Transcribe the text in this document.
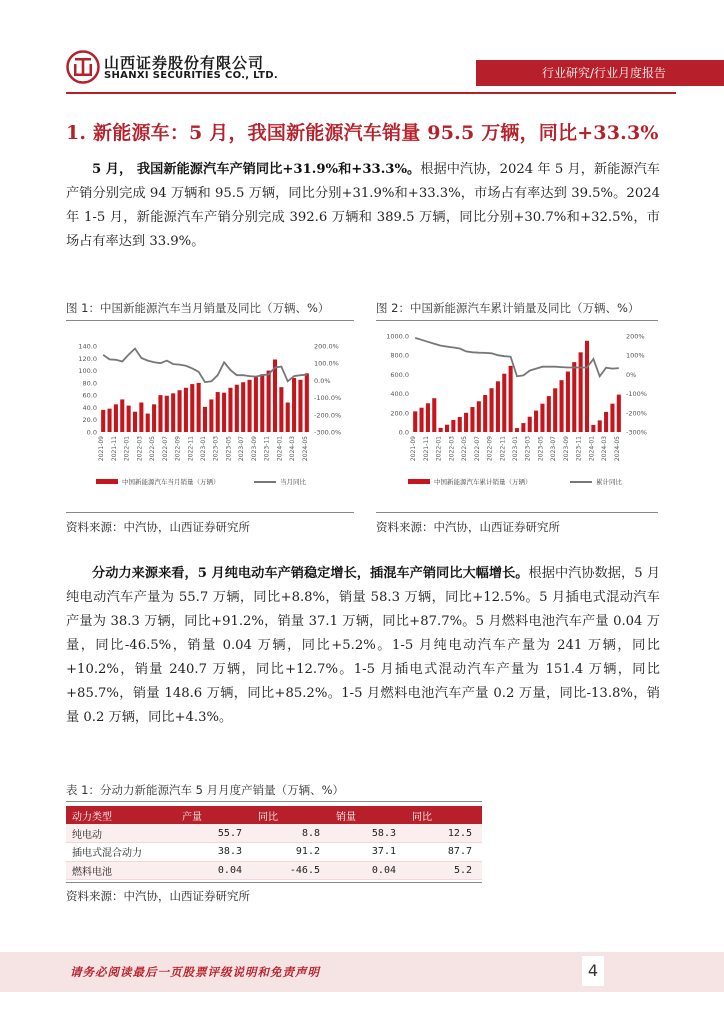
山西证券股份有限公司
SHANXI SECURITIES CO., LTD.	行业研究/行业月度报告
1. 新能源车：5 月，我国新能源汽车销量 95.5 万辆，同比+33.3%
5 月， 我国新能源汽车产销同比+31.9%和+33.3%。根据中汽协，2024 年 5 月，新能源汽车产销分别完成 94 万辆和 95.5 万辆，同比分别+31.9%和+33.3%，市场占有率达到 39.5%。2024 年 1-5 月，新能源汽车产销分别完成 392.6 万辆和 389.5 万辆，同比分别+30.7%和+32.5%，市场占有率达到 33.9%。
图 1：中国新能源汽车当月销量及同比（万辆、%）	图 2：中国新能源汽车累计销量及同比（万辆、%）
140.0
120.0
100.0
80.0
60.0
40.0
20.0
0.0
200.0%
100.0%
0.0%
-100.0%
-200.0%
-300.0%
2021-09 2021-11 2022-01 2022-03 2022-05 2022-07 2022-09 2022-11 2023-01 2023-03 2023-05 2023-07 2023-09 2023-11 2024-01 2024-03 2024-05
中国新能源汽车当月销量（万辆）	当月同比
1000.0
800.0
600.0
400.0
200.0
0.0
200%
100%
0%
-100%
-200%
-300%
2021-09 2021-11 2022-01 2022-03 2022-05 2022-07 2022-09 2022-11 2023-01 2023-03 2023-05 2023-07 2023-09 2023-11 2024-01 2024-03 2024-05
中国新能源汽车累计销量（万辆）	累计同比
资料来源：中汽协，山西证券研究所	资料来源：中汽协，山西证券研究所
分动力来源来看，5 月纯电动车产销稳定增长，插混车产销同比大幅增长。根据中汽协数据，5 月纯电动汽车产量为 55.7 万辆，同比+8.8%，销量 58.3 万辆，同比+12.5%。5 月插电式混动汽车产量为 38.3 万辆，同比+91.2%，销量 37.1 万辆，同比+87.7%。5 月燃料电池汽车产量 0.04 万量，同比-46.5%，销量 0.04 万辆，同比+5.2%。1-5 月纯电动汽车产量为 241 万辆，同比+10.2%，销量 240.7 万辆，同比+12.7%。1-5 月插电式混动汽车产量为 151.4 万辆，同比+85.7%，销量 148.6 万辆，同比+85.2%。1-5 月燃料电池汽车产量 0.2 万量，同比-13.8%，销量 0.2 万辆，同比+4.3%。
表 1：分动力新能源汽车 5 月月度产销量（万辆、%）
动力类型	产量	同比	销量	同比
纯电动	55.7	8.8	58.3	12.5
插电式混合动力	38.3	91.2	37.1	87.7
燃料电池	0.04	-46.5	0.04	5.2
资料来源：中汽协，山西证券研究所
请务必阅读最后一页股票评级说明和免责声明	4
